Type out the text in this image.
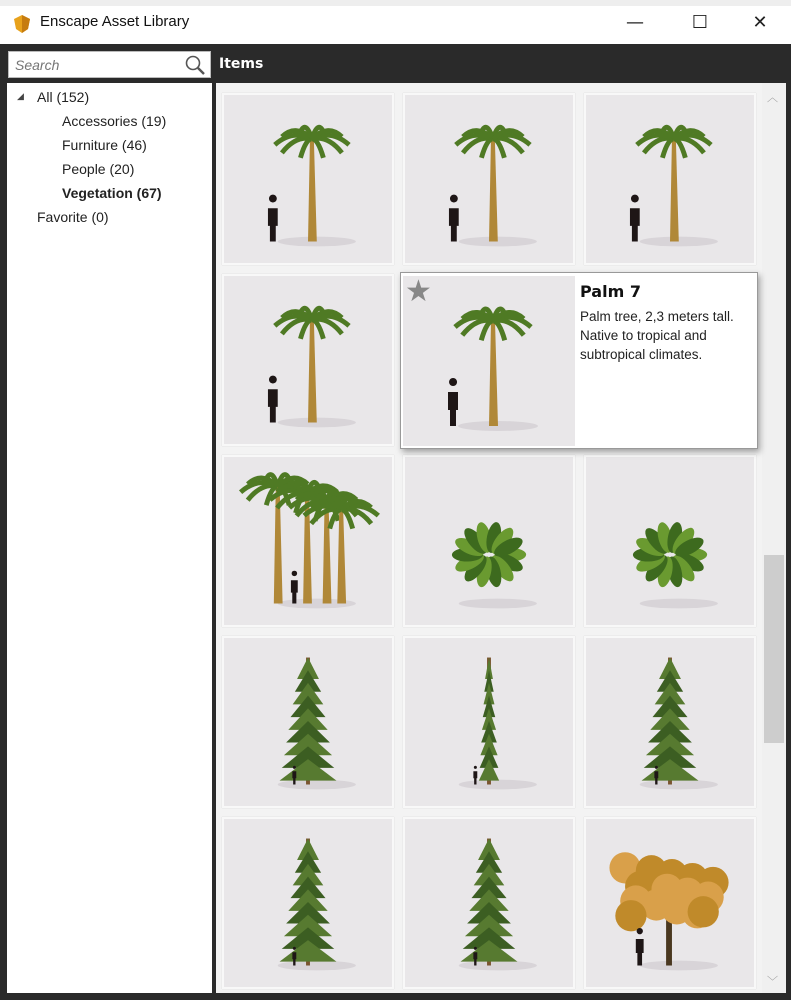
Enscape Asset Library	—	☐	✕
Search
Items
◢ All (152)
Accessories (19)
Furniture (46)
People (20)
Vegetation (67)
Favorite (0)
︿
﹀
★	Palm 7

Palm tree, 2,3 meters tall. Native to tropical and subtropical climates.
